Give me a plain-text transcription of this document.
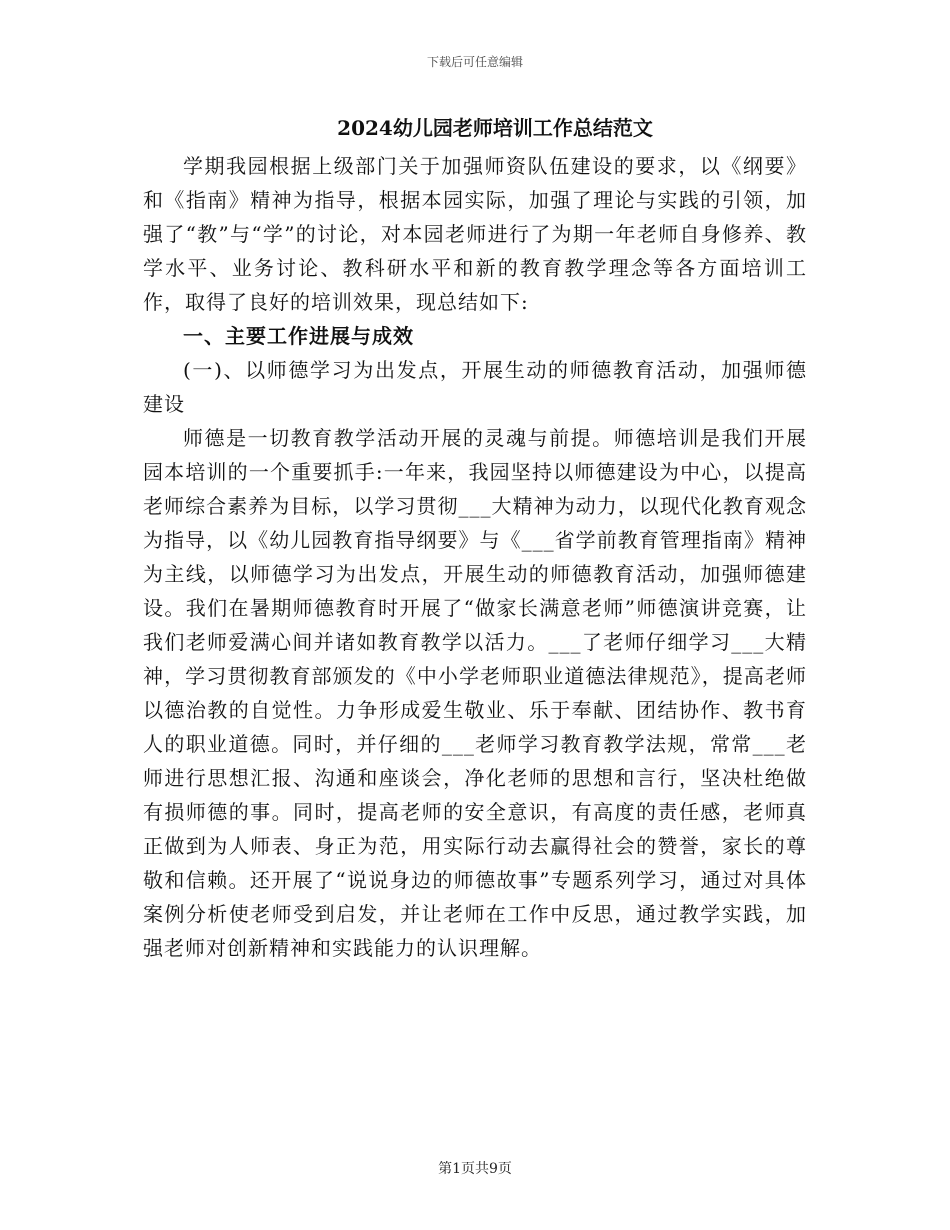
下载后可任意编辑
2024幼儿园老师培训工作总结范文

学期我园根据上级部门关于加强师资队伍建设的要求，以《纲要》和《指南》精神为指导，根据本园实际，加强了理论与实践的引领，加强了“教”与“学”的讨论，对本园老师进行了为期一年老师自身修养、教学水平、业务讨论、教科研水平和新的教育教学理念等各方面培训工作，取得了良好的培训效果，现总结如下:

一、主要工作进展与成效

(一)、以师德学习为出发点，开展生动的师德教育活动，加强师德建设

师德是一切教育教学活动开展的灵魂与前提。师德培训是我们开展园本培训的一个重要抓手:一年来，我园坚持以师德建设为中心，以提高老师综合素养为目标，以学习贯彻___大精神为动力，以现代化教育观念为指导，以《幼儿园教育指导纲要》与《___省学前教育管理指南》精神为主线，以师德学习为出发点，开展生动的师德教育活动，加强师德建设。我们在暑期师德教育时开展了“做家长满意老师”师德演讲竞赛，让我们老师爱满心间并诸如教育教学以活力。___了老师仔细学习___大精神，学习贯彻教育部颁发的《中小学老师职业道德法律规范》，提高老师以德治教的自觉性。力争形成爱生敬业、乐于奉献、团结协作、教书育人的职业道德。同时，并仔细的___老师学习教育教学法规，常常___老师进行思想汇报、沟通和座谈会，净化老师的思想和言行，坚决杜绝做有损师德的事。同时，提高老师的安全意识，有高度的责任感，老师真正做到为人师表、身正为范，用实际行动去赢得社会的赞誉，家长的尊敬和信赖。还开展了“说说身边的师德故事”专题系列学习，通过对具体案例分析使老师受到启发，并让老师在工作中反思，通过教学实践，加强老师对创新精神和实践能力的认识理解。

第1页共9页
